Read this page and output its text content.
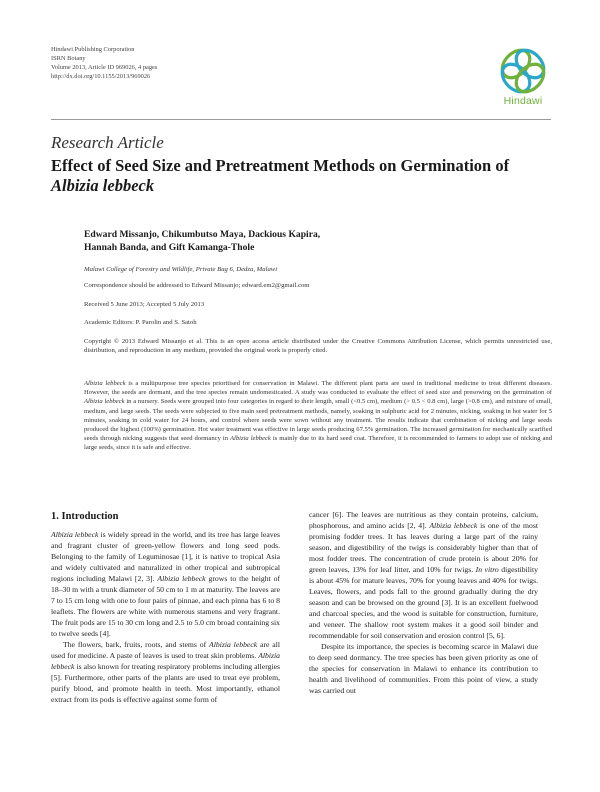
Hindawi Publishing Corporation
ISRN Botany
Volume 2013, Article ID 969026, 4 pages
http://dx.doi.org/10.1155/2013/969026
Hindawi
Research Article
Effect of Seed Size and Pretreatment Methods on Germination of
Albizia lebbeck
Edward Missanjo, Chikumbutso Maya, Dackious Kapira,
Hannah Banda, and Gift Kamanga-Thole
Malawi College of Forestry and Wildlife, Private Bag 6, Dedza, Malawi
Correspondence should be addressed to Edward Missanjo; edward.em2@gmail.com
Received 5 June 2013; Accepted 5 July 2013
Academic Editors: P. Parolin and S. Satoh
Copyright © 2013 Edward Missanjo et al. This is an open access article distributed under the Creative Commons Attribution License, which permits unrestricted use, distribution, and reproduction in any medium, provided the original work is properly cited.
Albizia lebbeck is a multipurpose tree species prioritised for conservation in Malawi. The different plant parts are used in traditional medicine to treat different diseases. However, the seeds are dormant, and the tree species remain undomesticated. A study was conducted to evaluate the effect of seed size and presowing on the germination of Albizia lebbeck in a nursery. Seeds were grouped into four categories in regard to their length, small (<0.5 cm), medium (> 0.5 < 0.8 cm), large (>0.8 cm), and mixture of small, medium, and large seeds. The seeds were subjected to five main seed pretreatment methods, namely, soaking in sulphuric acid for 2 minutes, nicking, soaking in hot water for 5 minutes, soaking in cold water for 24 hours, and control where seeds were sown without any treatment. The results indicate that combination of nicking and large seeds produced the highest (100%) germination. Hot water treatment was effective in large seeds producing 67.5% germination. The increased germination for mechanically scarified seeds through nicking suggests that seed dormancy in Albizia lebbeck is mainly due to its hard seed coat. Therefore, it is recommended to farmers to adopt use of nicking and large seeds, since it is safe and effective.
1. Introduction

Albizia lebbeck is widely spread in the world, and its tree has large leaves and fragrant cluster of green-yellow flowers and long seed pods. Belonging to the family of Leguminosae [1], it is native to tropical Asia and widely cultivated and naturalized in other tropical and subtropical regions including Malawi [2, 3]. Albizia lebbeck grows to the height of 18–30 m with a trunk diameter of 50 cm to 1 m at maturity. The leaves are 7 to 15 cm long with one to four pairs of pinnae, and each pinna has 6 to 8 leaflets. The flowers are white with numerous stamens and very fragrant. The fruit pods are 15 to 30 cm long and 2.5 to 5.0 cm broad containing six to twelve seeds [4].

The flowers, bark, fruits, roots, and stems of Albizia lebbeck are all used for medicine. A paste of leaves is used to treat skin problems. Albizia lebbeck is also known for treating respiratory problems including allergies [5]. Furthermore, other parts of the plants are used to treat eye problem, purify blood, and promote health in teeth. Most importantly, ethanol extract from its pods is effective against some form of

cancer [6]. The leaves are nutritious as they contain proteins, calcium, phosphorous, and amino acids [2, 4]. Albizia lebbeck is one of the most promising fodder trees. It has leaves during a large part of the rainy season, and digestibility of the twigs is considerably higher than that of most fodder trees. The concentration of crude protein is about 20% for green leaves, 13% for leaf litter, and 10% for twigs. In vitro digestibility is about 45% for mature leaves, 70% for young leaves and 40% for twigs. Leaves, flowers, and pods fall to the ground gradually during the dry season and can be browsed on the ground [3]. It is an excellent fuelwood and charcoal species, and the wood is suitable for construction, furniture, and veneer. The shallow root system makes it a good soil binder and recommendable for soil conservation and erosion control [5, 6].

Despite its importance, the species is becoming scarce in Malawi due to deep seed dormancy. The tree species has been given priority as one of the species for conservation in Malawi to enhance its contribution to health and livelihood of communities. From this point of view, a study was carried out
